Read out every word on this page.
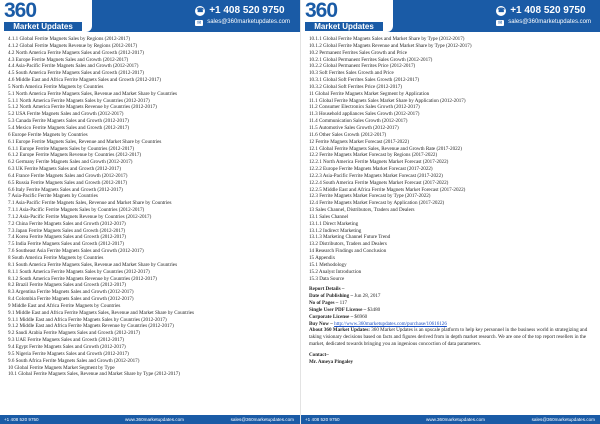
360
Market Updates
☎ +1 408 520 9750
✉ sales@360marketupdates.com
4.1.1 Global Ferrite Magnets Sales by Regions (2012-2017)
4.1.2 Global Ferrite Magnets Revenue by Regions (2012-2017)
4.2 North America Ferrite Magnets Sales and Growth (2012-2017)
4.3 Europe Ferrite Magnets Sales and Growth (2012-2017)
4.4 Asia-Pacific Ferrite Magnets Sales and Growth (2012-2017)
4.5 South America Ferrite Magnets Sales and Growth (2012-2017)
4.6 Middle East and Africa Ferrite Magnets Sales and Growth (2012-2017)
5 North America Ferrite Magnets by Countries
5.1 North America Ferrite Magnets Sales, Revenue and Market Share by Countries
5.1.1 North America Ferrite Magnets Sales by Countries (2012-2017)
5.1.2 North America Ferrite Magnets Revenue by Countries (2012-2017)
5.2 USA Ferrite Magnets Sales and Growth (2012-2017)
5.3 Canada Ferrite Magnets Sales and Growth (2012-2017)
5.4 Mexico Ferrite Magnets Sales and Growth (2012-2017)
6 Europe Ferrite Magnets by Countries
6.1 Europe Ferrite Magnets Sales, Revenue and Market Share by Countries
6.1.1 Europe Ferrite Magnets Sales by Countries (2012-2017)
6.1.2 Europe Ferrite Magnets Revenue by Countries (2012-2017)
6.2 Germany Ferrite Magnets Sales and Growth (2012-2017)
6.3 UK Ferrite Magnets Sales and Growth (2012-2017)
6.4 France Ferrite Magnets Sales and Growth (2012-2017)
6.5 Russia Ferrite Magnets Sales and Growth (2012-2017)
6.6 Italy Ferrite Magnets Sales and Growth (2012-2017)
7 Asia-Pacific Ferrite Magnets by Countries
7.1 Asia-Pacific Ferrite Magnets Sales, Revenue and Market Share by Countries
7.1.1 Asia-Pacific Ferrite Magnets Sales by Countries (2012-2017)
7.1.2 Asia-Pacific Ferrite Magnets Revenue by Countries (2012-2017)
7.2 China Ferrite Magnets Sales and Growth (2012-2017)
7.3 Japan Ferrite Magnets Sales and Growth (2012-2017)
7.4 Korea Ferrite Magnets Sales and Growth (2012-2017)
7.5 India Ferrite Magnets Sales and Growth (2012-2017)
7.6 Southeast Asia Ferrite Magnets Sales and Growth (2012-2017)
8 South America Ferrite Magnets by Countries
8.1 South America Ferrite Magnets Sales, Revenue and Market Share by Countries
8.1.1 South America Ferrite Magnets Sales by Countries (2012-2017)
8.1.2 South America Ferrite Magnets Revenue by Countries (2012-2017)
8.2 Brazil Ferrite Magnets Sales and Growth (2012-2017)
8.3 Argentina Ferrite Magnets Sales and Growth (2012-2017)
8.4 Colombia Ferrite Magnets Sales and Growth (2012-2017)
9 Middle East and Africa Ferrite Magnets by Countries
9.1 Middle East and Africa Ferrite Magnets Sales, Revenue and Market Share by Countries
9.1.1 Middle East and Africa Ferrite Magnets Sales by Countries (2012-2017)
9.1.2 Middle East and Africa Ferrite Magnets Revenue by Countries (2012-2017)
9.2 Saudi Arabia Ferrite Magnets Sales and Growth (2012-2017)
9.3 UAE Ferrite Magnets Sales and Growth (2012-2017)
9.4 Egypt Ferrite Magnets Sales and Growth (2012-2017)
9.5 Nigeria Ferrite Magnets Sales and Growth (2012-2017)
9.6 South Africa Ferrite Magnets Sales and Growth (2012-2017)
10 Global Ferrite Magnets Market Segment by Type
10.1 Global Ferrite Magnets Sales, Revenue and Market Share by Type (2012-2017)
+1 408 520 9750	www.360marketupdates.com	sales@360marketupdates.com
360
Market Updates
☎ +1 408 520 9750
✉ sales@360marketupdates.com
10.1.1 Global Ferrite Magnets Sales and Market Share by Type (2012-2017)
10.1.2 Global Ferrite Magnets Revenue and Market Share by Type (2012-2017)
10.2 Permanent Ferrites Sales Growth and Price
10.2.1 Global Permanent Ferrites Sales Growth (2012-2017)
10.2.2 Global Permanent Ferrites Price (2012-2017)
10.3 Soft Ferrites Sales Growth and Price
10.3.1 Global Soft Ferrites Sales Growth (2012-2017)
10.3.2 Global Soft Ferrites Price (2012-2017)
11 Global Ferrite Magnets Market Segment by Application
11.1 Global Ferrite Magnets Sales Market Share by Application (2012-2017)
11.2 Consumer Electronics Sales Growth (2012-2017)
11.3 Household appliances Sales Growth (2012-2017)
11.4 Communication Sales Growth (2012-2017)
11.5 Automotive Sales Growth (2012-2017)
11.6 Other Sales Growth (2012-2017)
12 Ferrite Magnets Market Forecast (2017-2022)
12.1 Global Ferrite Magnets Sales, Revenue and Growth Rate (2017-2022)
12.2 Ferrite Magnets Market Forecast by Regions (2017-2022)
12.2.1 North America Ferrite Magnets Market Forecast (2017-2022)
12.2.2 Europe Ferrite Magnets Market Forecast (2017-2022)
12.2.3 Asia-Pacific Ferrite Magnets Market Forecast (2017-2022)
12.2.4 South America Ferrite Magnets Market Forecast (2017-2022)
12.2.5 Middle East and Africa Ferrite Magnets Market Forecast (2017-2022)
12.3 Ferrite Magnets Market Forecast by Type (2017-2022)
12.4 Ferrite Magnets Market Forecast by Application (2017-2022)
13 Sales Channel, Distributors, Traders and Dealers
13.1 Sales Channel
13.1.1 Direct Marketing
13.1.2 Indirect Marketing
13.1.3 Marketing Channel Future Trend
13.2 Distributors, Traders and Dealers
14 Research Findings and Conclusion
15 Appendix
15.1 Methodology
15.2 Analyst Introduction
15.3 Data Source
Report Details –
Date of Publishing – Jun 28, 2017
No of Pages – 117
Single User PDF License – $3480
Corporate License – $6960
Buy Now – http://www.360marketupdates.com/purchase/10616126
About 360 Market Updates: 360 Market Updates is an upscale platform to help key personnel in the business world in strategizing and taking visionary decisions based on facts and figures derived from in depth market research. We are one of the top report resellers in the market, dedicated towards bringing you an ingenious concoction of data parameters.
Contact–
Mr. Ameya Pingaley
+1 408 520 9750	www.360marketupdates.com	sales@360marketupdates.com
